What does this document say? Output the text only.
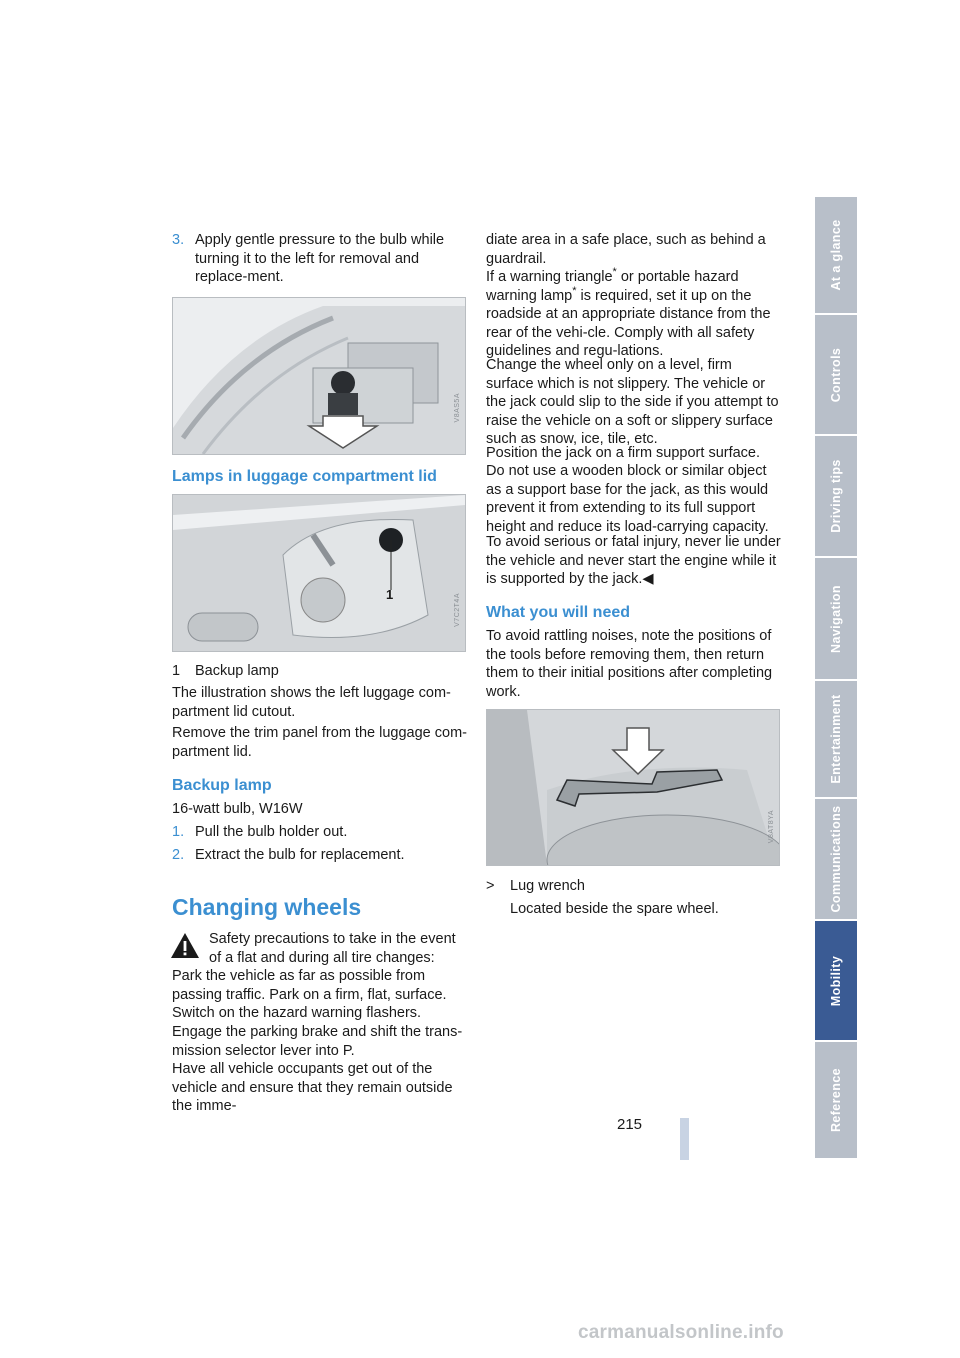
3. Apply gentle pressure to the bulb while turning it to the left for removal and replace-ment.
V8AS5A
Lamps in luggage compartment lid
1	V7C2T4A
1 Backup lamp
The illustration shows the left luggage com-partment lid cutout.
Remove the trim panel from the luggage com-partment lid.
Backup lamp
16-watt bulb, W16W
1. Pull the bulb holder out.
2. Extract the bulb for replacement.
Changing wheels
Safety precautions to take in the event of a flat and during all tire changes:
Park the vehicle as far as possible from passing traffic. Park on a firm, flat, surface. Switch on the hazard warning flashers.
Engage the parking brake and shift the trans-mission selector lever into P.
Have all vehicle occupants get out of the vehicle and ensure that they remain outside the imme-
diate area in a safe place, such as behind a guardrail.
If a warning triangle* or portable hazard warning lamp* is required, set it up on the roadside at an appropriate distance from the rear of the vehi-cle. Comply with all safety guidelines and regu-lations.
Change the wheel only on a level, firm surface which is not slippery. The vehicle or the jack could slip to the side if you attempt to raise the vehicle on a soft or slippery surface such as snow, ice, tile, etc.
Position the jack on a firm support surface.
Do not use a wooden block or similar object as a support base for the jack, as this would prevent it from extending to its full support height and reduce its load-carrying capacity.
To avoid serious or fatal injury, never lie under the vehicle and never start the engine while it is supported by the jack.◀
What you will need
To avoid rattling noises, note the positions of the tools before removing them, then return them to their initial positions after completing work.
V8AT8YA
> Lug wrench
Located beside the spare wheel.
At a glance
Controls
Driving tips
Navigation
Entertainment
Communications
Mobility
Reference
215
carmanualsonline.info
